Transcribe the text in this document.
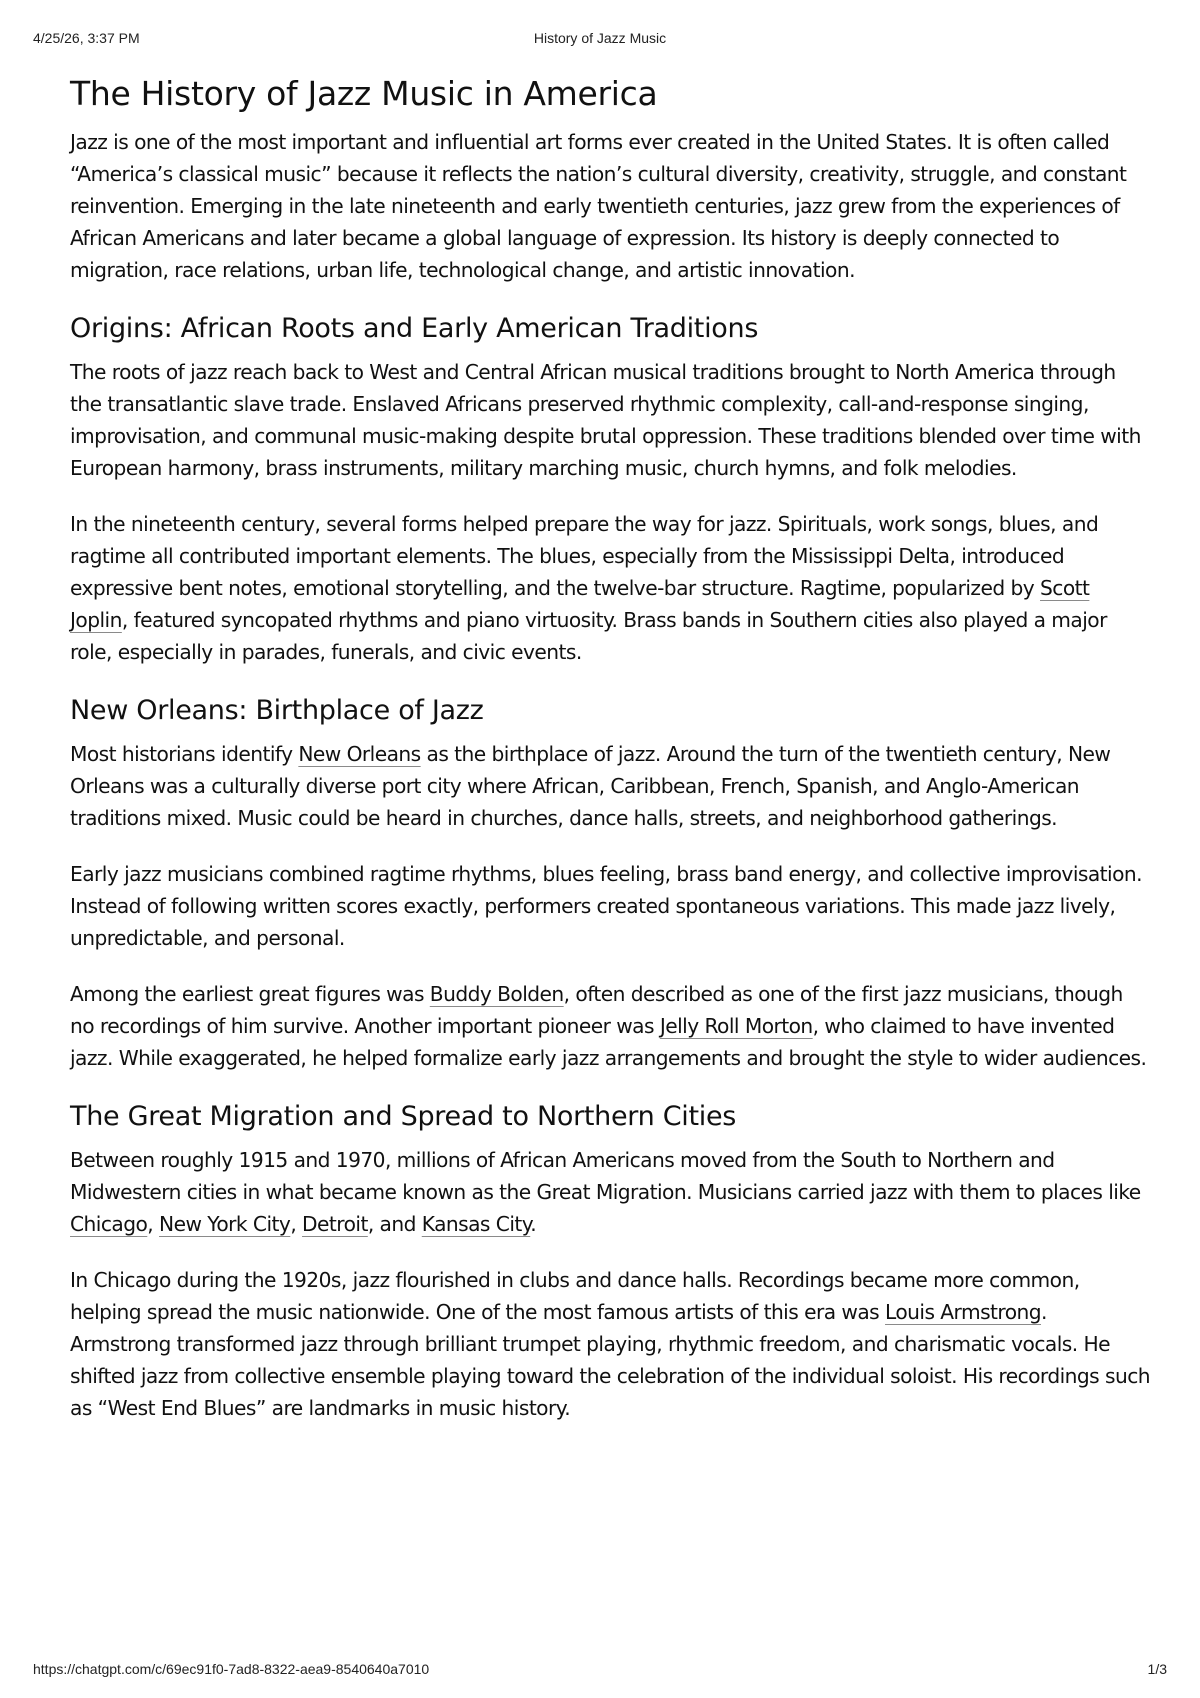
4/25/26, 3:37 PM	History of Jazz Music
The History of Jazz Music in America

Jazz is one of the most important and influential art forms ever created in the United States. It is often called “America’s classical music” because it reflects the nation’s cultural diversity, creativity, struggle, and constant reinvention. Emerging in the late nineteenth and early twentieth centuries, jazz grew from the experiences of African Americans and later became a global language of expression. Its history is deeply connected to migration, race relations, urban life, technological change, and artistic innovation.

Origins: African Roots and Early American Traditions

The roots of jazz reach back to West and Central African musical traditions brought to North America through the transatlantic slave trade. Enslaved Africans preserved rhythmic complexity, call-and-response singing, improvisation, and communal music-making despite brutal oppression. These traditions blended over time with European harmony, brass instruments, military marching music, church hymns, and folk melodies.

In the nineteenth century, several forms helped prepare the way for jazz. Spirituals, work songs, blues, and ragtime all contributed important elements. The blues, especially from the Mississippi Delta, introduced expressive bent notes, emotional storytelling, and the twelve-bar structure. Ragtime, popularized by Scott Joplin, featured syncopated rhythms and piano virtuosity. Brass bands in Southern cities also played a major role, especially in parades, funerals, and civic events.

New Orleans: Birthplace of Jazz

Most historians identify New Orleans as the birthplace of jazz. Around the turn of the twentieth century, New Orleans was a culturally diverse port city where African, Caribbean, French, Spanish, and Anglo-American traditions mixed. Music could be heard in churches, dance halls, streets, and neighborhood gatherings.

Early jazz musicians combined ragtime rhythms, blues feeling, brass band energy, and collective improvisation. Instead of following written scores exactly, performers created spontaneous variations. This made jazz lively, unpredictable, and personal.

Among the earliest great figures was Buddy Bolden, often described as one of the first jazz musicians, though no recordings of him survive. Another important pioneer was Jelly Roll Morton, who claimed to have invented jazz. While exaggerated, he helped formalize early jazz arrangements and brought the style to wider audiences.

The Great Migration and Spread to Northern Cities

Between roughly 1915 and 1970, millions of African Americans moved from the South to Northern and Midwestern cities in what became known as the Great Migration. Musicians carried jazz with them to places like Chicago, New York City, Detroit, and Kansas City.

In Chicago during the 1920s, jazz flourished in clubs and dance halls. Recordings became more common, helping spread the music nationwide. One of the most famous artists of this era was Louis Armstrong. Armstrong transformed jazz through brilliant trumpet playing, rhythmic freedom, and charismatic vocals. He shifted jazz from collective ensemble playing toward the celebration of the individual soloist. His recordings such as “West End Blues” are landmarks in music history.

https://chatgpt.com/c/69ec91f0-7ad8-8322-aea9-8540640a7010	1/3
